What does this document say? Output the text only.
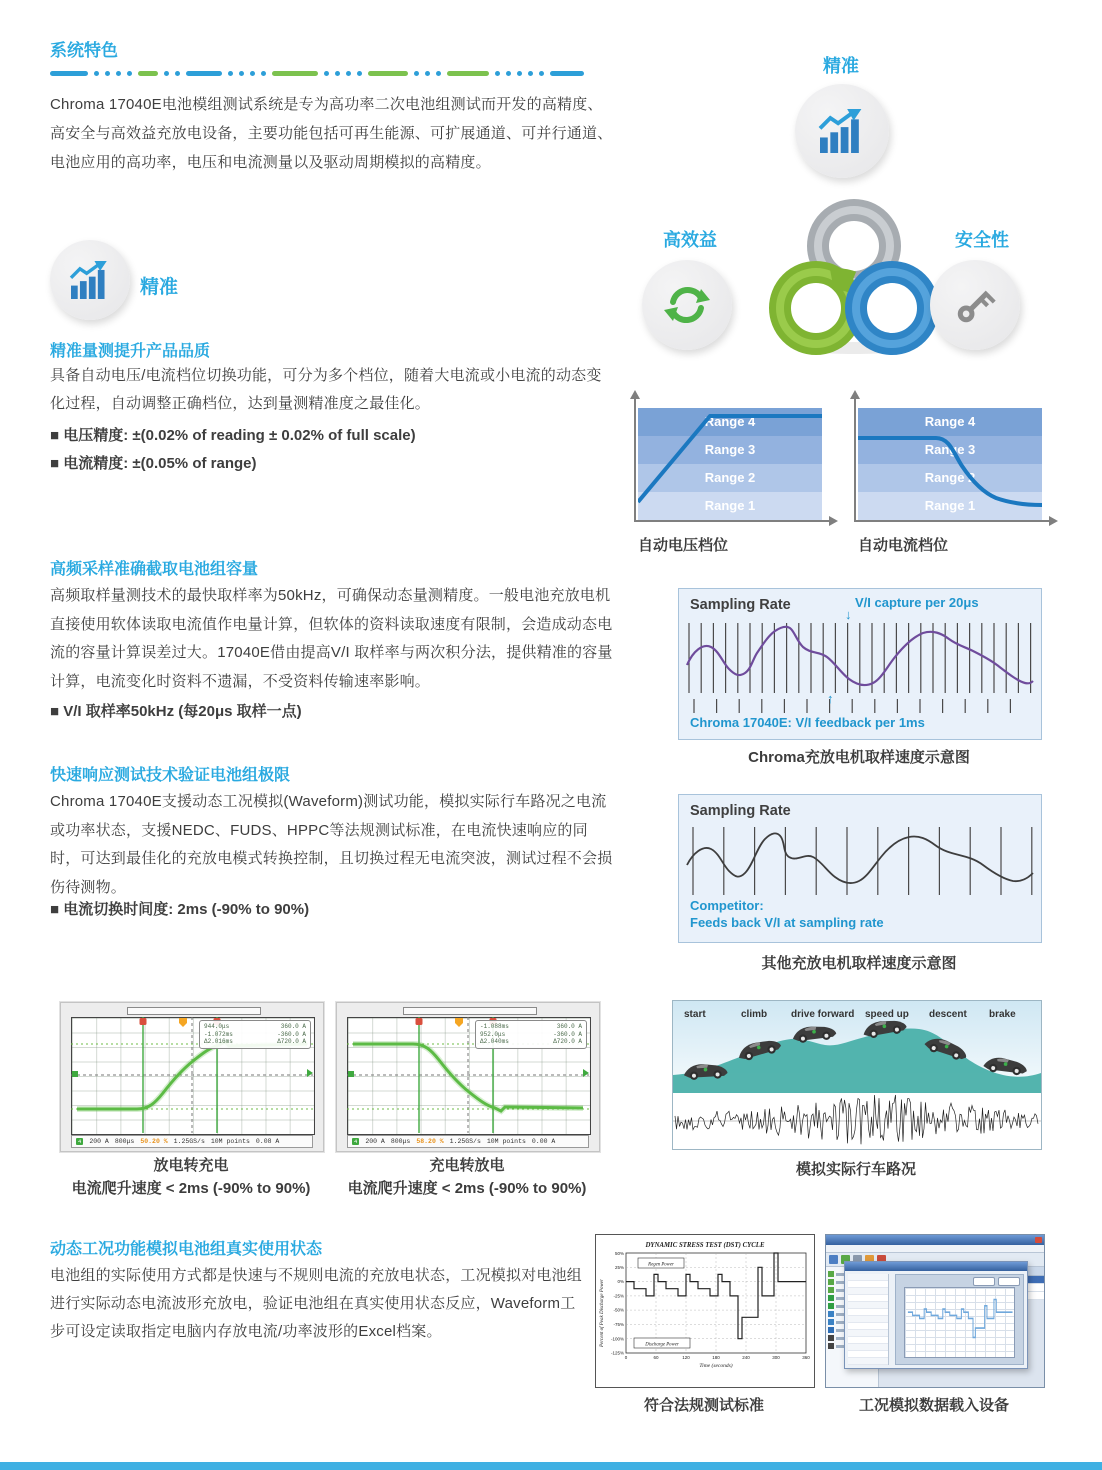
系统特色
Chroma 17040E电池模组测试系统是专为高功率二次电池组测试而开发的高精度、高安全与高效益充放电设备，主要功能包括可再生能源、可扩展通道、可并行通道、电池应用的高功率，电压和电流测量以及驱动周期模拟的高精度。
精准
高效益	安全性
精准
精准量测提升产品品质
具备自动电压/电流档位切换功能，可分为多个档位，随着大电流或小电流的动态变化过程，自动调整正确档位，达到量测精准度之最佳化。
■ 电压精度: ±(0.02% of reading ± 0.02% of full scale)
■ 电流精度: ±(0.05% of range)
Range 4
Range 3
Range 2
Range 1
自动电压档位
Range 4
Range 3
Range 2
Range 1
自动电流档位
高频采样准确截取电池组容量
高频取样量测技术的最快取样率为50kHz，可确保动态量测精度。一般电池充放电机直接使用软体读取电流值作电量计算，但软体的资料读取速度有限制，会造成动态电流的容量计算误差过大。17040E借由提高V/I 取样率与两次积分法，提供精准的容量计算，电流变化时资料不遗漏，不受资料传输速率影响。
■ V/I 取样率50kHz (每20μs 取样一点)
Sampling Rate	V/I capture per 20μs
↓
↑
Chroma 17040E: V/I feedback per 1ms
Chroma充放电机取样速度示意图
快速响应测试技术验证电池组极限
Chroma 17040E支援动态工况模拟(Waveform)测试功能，模拟实际行车路况之电流或功率状态，支援NEDC、FUDS、HPPC等法规测试标准，在电流快速响应的同时，可达到最佳化的充放电模式转换控制，且切换过程无电流突波，测试过程不会损伤待测物。
■ 电流切换时间度: 2ms (-90% to 90%)
Sampling Rate
Competitor:
Feeds back V/I at sampling rate
其他充放电机取样速度示意图
944.0μs	360.0 A
-1.072ms	-360.0 A
Δ2.016ms	Δ720.0 A
4	200 A 800μs 50.20 % 1.25GS/s 10M points 0.08 A
-1.088ms	360.0 A
952.0μs	-360.0 A
Δ2.040ms	Δ720.0 A
4	200 A 800μs 58.20 % 1.25GS/s 10M points 0.00 A
放电转充电
电流爬升速度 < 2ms (-90% to 90%)
充电转放电
电流爬升速度 < 2ms (-90% to 90%)
start	climb drive forward speed up descent brake
模拟实际行车路况
动态工况功能模拟电池组真实使用状态
电池组的实际使用方式都是快速与不规则电流的充放电状态，工况模拟对电池组进行实际动态电流波形充放电，验证电池组在真实使用状态反应，Waveform工步可设定读取指定电脑内存放电流/功率波形的Excel档案。
DYNAMIC STRESS TEST (DST) CYCLE
Percent of Peak Discharge Power
50%
25%
0%
-25%
-50%
-75%
-100%
-125%
0	60	120	180	240	300	360
Time (seconds)
Regen Power
Discharge Power
符合法规测试标准	工况模拟数据载入设备
